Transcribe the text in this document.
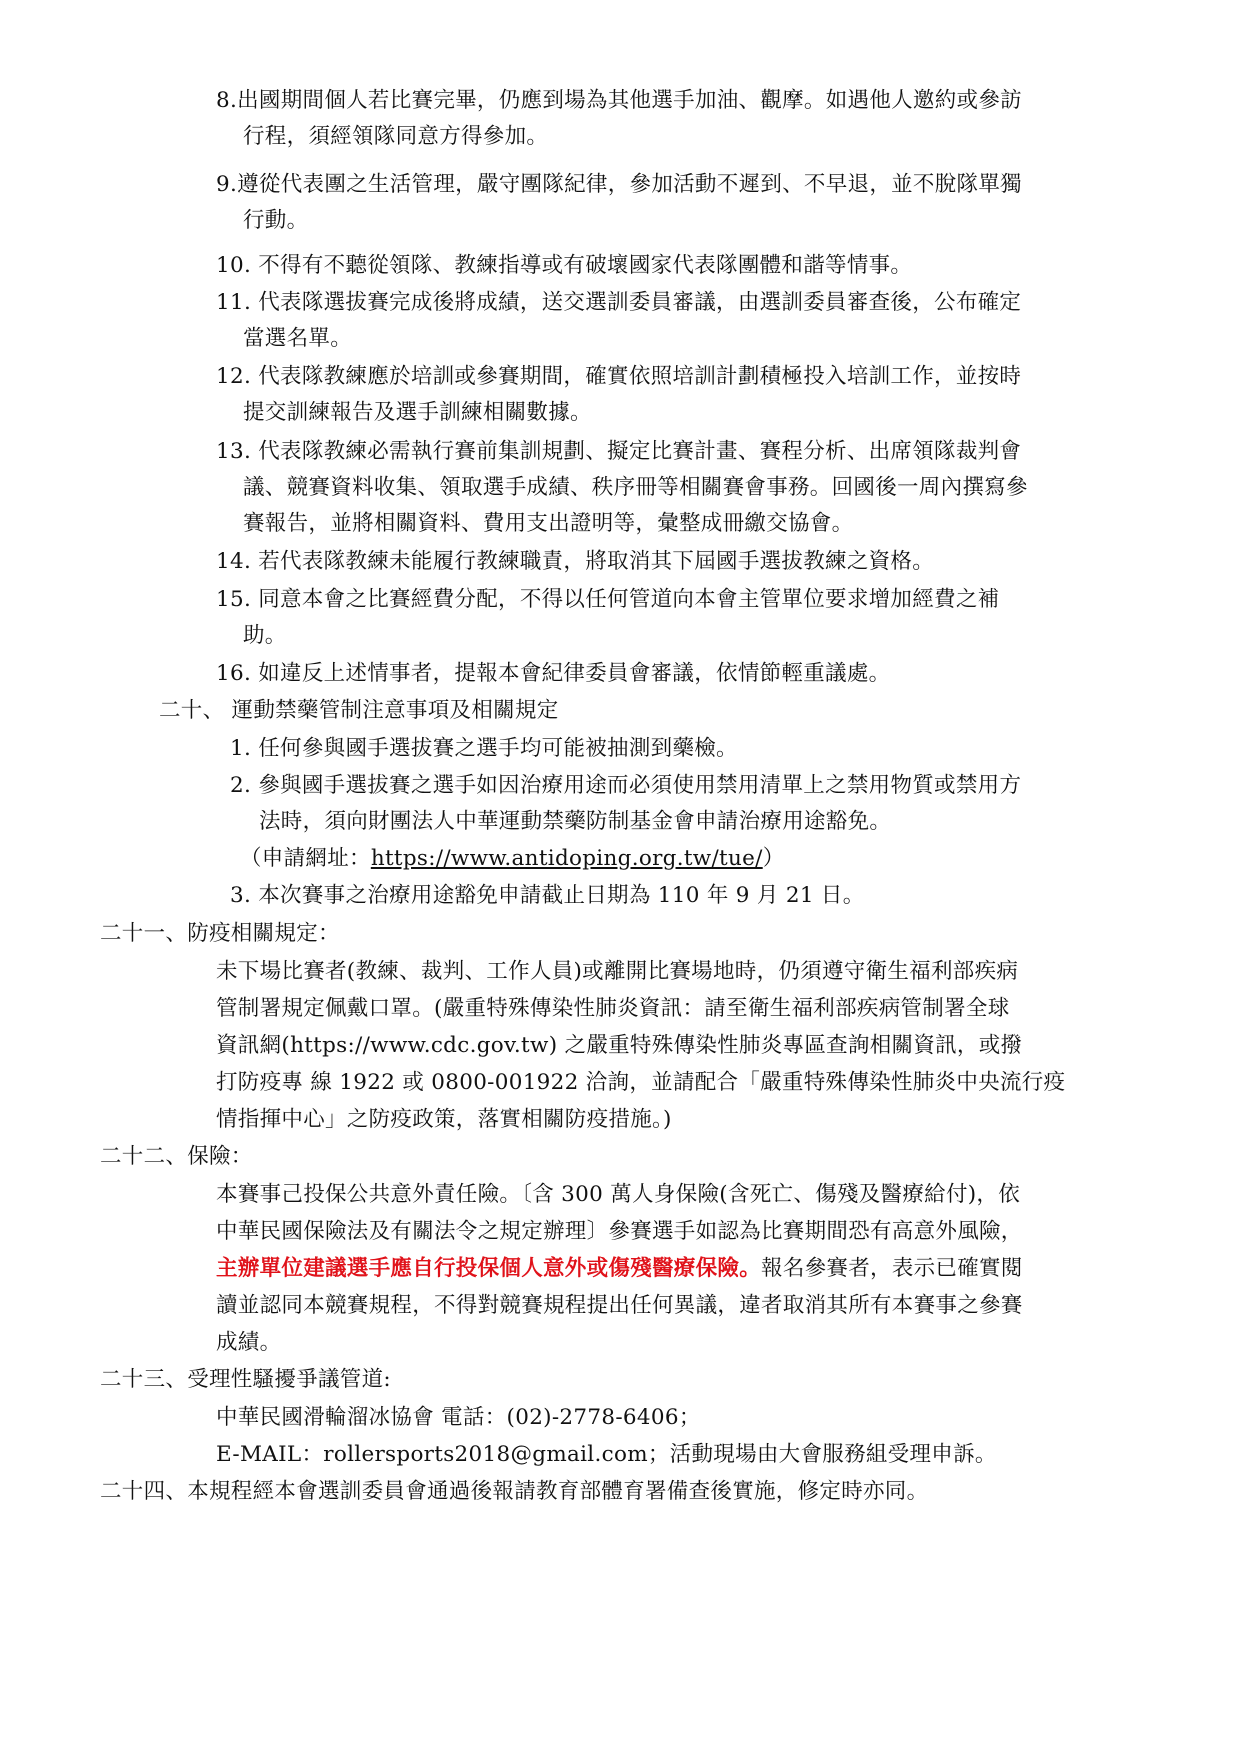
8.出國期間個人若比賽完畢，仍應到場為其他選手加油、觀摩。如遇他人邀約或參訪
行程，須經領隊同意方得參加。
9.遵從代表團之生活管理，嚴守團隊紀律，參加活動不遲到、不早退，並不脫隊單獨
行動。
10. 不得有不聽從領隊、教練指導或有破壞國家代表隊團體和諧等情事。
11. 代表隊選拔賽完成後將成績，送交選訓委員審議，由選訓委員審查後，公布確定
當選名單。
12. 代表隊教練應於培訓或參賽期間，確實依照培訓計劃積極投入培訓工作，並按時
提交訓練報告及選手訓練相關數據。
13. 代表隊教練必需執行賽前集訓規劃、擬定比賽計畫、賽程分析、出席領隊裁判會
議、競賽資料收集、領取選手成績、秩序冊等相關賽會事務。回國後一周內撰寫參
賽報告，並將相關資料、費用支出證明等，彙整成冊繳交協會。
14. 若代表隊教練未能履行教練職責，將取消其下屆國手選拔教練之資格。
15. 同意本會之比賽經費分配，不得以任何管道向本會主管單位要求增加經費之補
助。
16. 如違反上述情事者，提報本會紀律委員會審議，依情節輕重議處。
二十、 運動禁藥管制注意事項及相關規定
1. 任何參與國手選拔賽之選手均可能被抽測到藥檢。
2. 參與國手選拔賽之選手如因治療用途而必須使用禁用清單上之禁用物質或禁用方
法時，須向財團法人中華運動禁藥防制基金會申請治療用途豁免。
（申請網址：https://www.antidoping.org.tw/tue/）
3. 本次賽事之治療用途豁免申請截止日期為 110 年 9 月 21 日。
二十一、防疫相關規定：
未下場比賽者(教練、裁判、工作人員)或離開比賽場地時，仍須遵守衛生福利部疾病
管制署規定佩戴口罩。(嚴重特殊傳染性肺炎資訊：請至衛生福利部疾病管制署全球
資訊網(https://www.cdc.gov.tw) 之嚴重特殊傳染性肺炎專區查詢相關資訊，或撥
打防疫專 線 1922 或 0800-001922 洽詢，並請配合「嚴重特殊傳染性肺炎中央流行疫
情指揮中心」之防疫政策，落實相關防疫措施。)
二十二、保險：
本賽事己投保公共意外責任險。〔含 300 萬人身保險(含死亡、傷殘及醫療給付)，依
中華民國保險法及有關法令之規定辦理〕參賽選手如認為比賽期間恐有高意外風險，
主辦單位建議選手應自行投保個人意外或傷殘醫療保險。報名參賽者，表示已確實閱
讀並認同本競賽規程，不得對競賽規程提出任何異議，違者取消其所有本賽事之參賽
成績。
二十三、受理性騷擾爭議管道:
中華民國滑輪溜冰協會 電話：(02)-2778-6406；
E-MAIL：rollersports2018@gmail.com；活動現場由大會服務組受理申訴。
二十四、本規程經本會選訓委員會通過後報請教育部體育署備查後實施，修定時亦同。
